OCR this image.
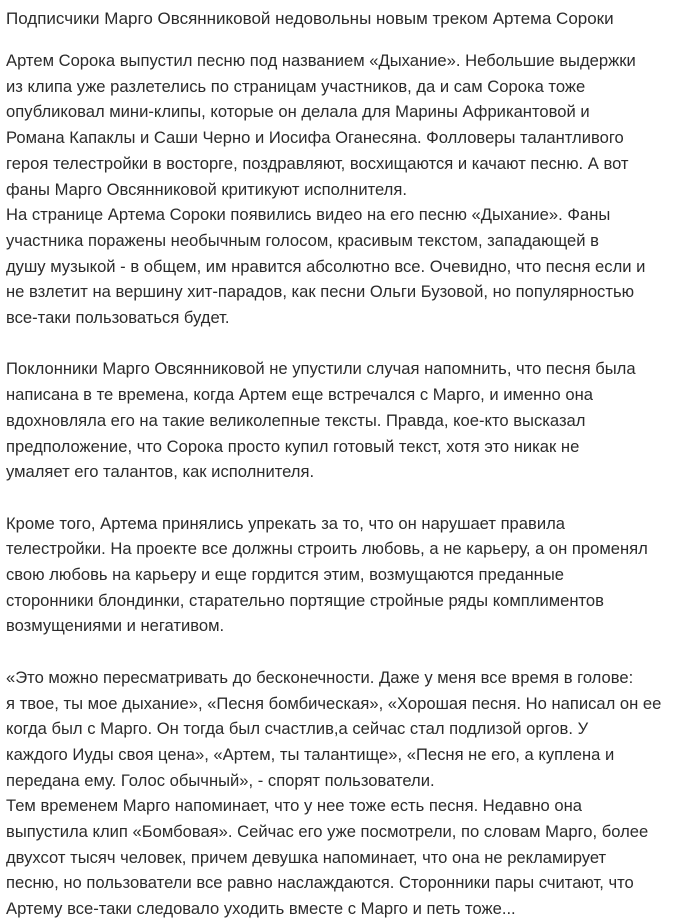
Подписчики Марго Овсянниковой недовольны новым треком Артема Сороки

Артем Сорока выпустил песню под названием «Дыхание». Небольшие выдержки
из клипа уже разлетелись по страницам участников, да и сам Сорока тоже
опубликовал мини-клипы, которые он делала для Марины Африкантовой и
Романа Капаклы и Саши Черно и Иосифа Оганесяна. Фолловеры талантливого
героя телестройки в восторге, поздравляют, восхищаются и качают песню. А вот
фаны Марго Овсянниковой критикуют исполнителя.

На странице Артема Сороки появились видео на его песню «Дыхание». Фаны
участника поражены необычным голосом, красивым текстом, западающей в
душу музыкой - в общем, им нравится абсолютно все. Очевидно, что песня если и
не взлетит на вершину хит-парадов, как песни Ольги Бузовой, но популярностью
все-таки пользоваться будет.

Поклонники Марго Овсянниковой не упустили случая напомнить, что песня была
написана в те времена, когда Артем еще встречался с Марго, и именно она
вдохновляла его на такие великолепные тексты. Правда, кое-кто высказал
предположение, что Сорока просто купил готовый текст, хотя это никак не
умаляет его талантов, как исполнителя.

Кроме того, Артема принялись упрекать за то, что он нарушает правила
телестройки. На проекте все должны строить любовь, а не карьеру, а он променял
свою любовь на карьеру и еще гордится этим, возмущаются преданные
сторонники блондинки, старательно портящие стройные ряды комплиментов
возмущениями и негативом.

«Это можно пересматривать до бесконечности. Даже у меня все время в голове:
я твое, ты мое дыхание», «Песня бомбическая», «Хорошая песня. Но написал он ее
когда был с Марго. Он тогда был счастлив,а сейчас стал подлизой оргов. У
каждого Иуды своя цена», «Артем, ты талантище», «Песня не его, а куплена и
передана ему. Голос обычный», - спорят пользователи.

Тем временем Марго напоминает, что у нее тоже есть песня. Недавно она
выпустила клип «Бомбовая». Сейчас его уже посмотрели, по словам Марго, более
двухсот тысяч человек, причем девушка напоминает, что она не рекламирует
песню, но пользователи все равно наслаждаются. Сторонники пары считают, что
Артему все-таки следовало уходить вместе с Марго и петь тоже...
